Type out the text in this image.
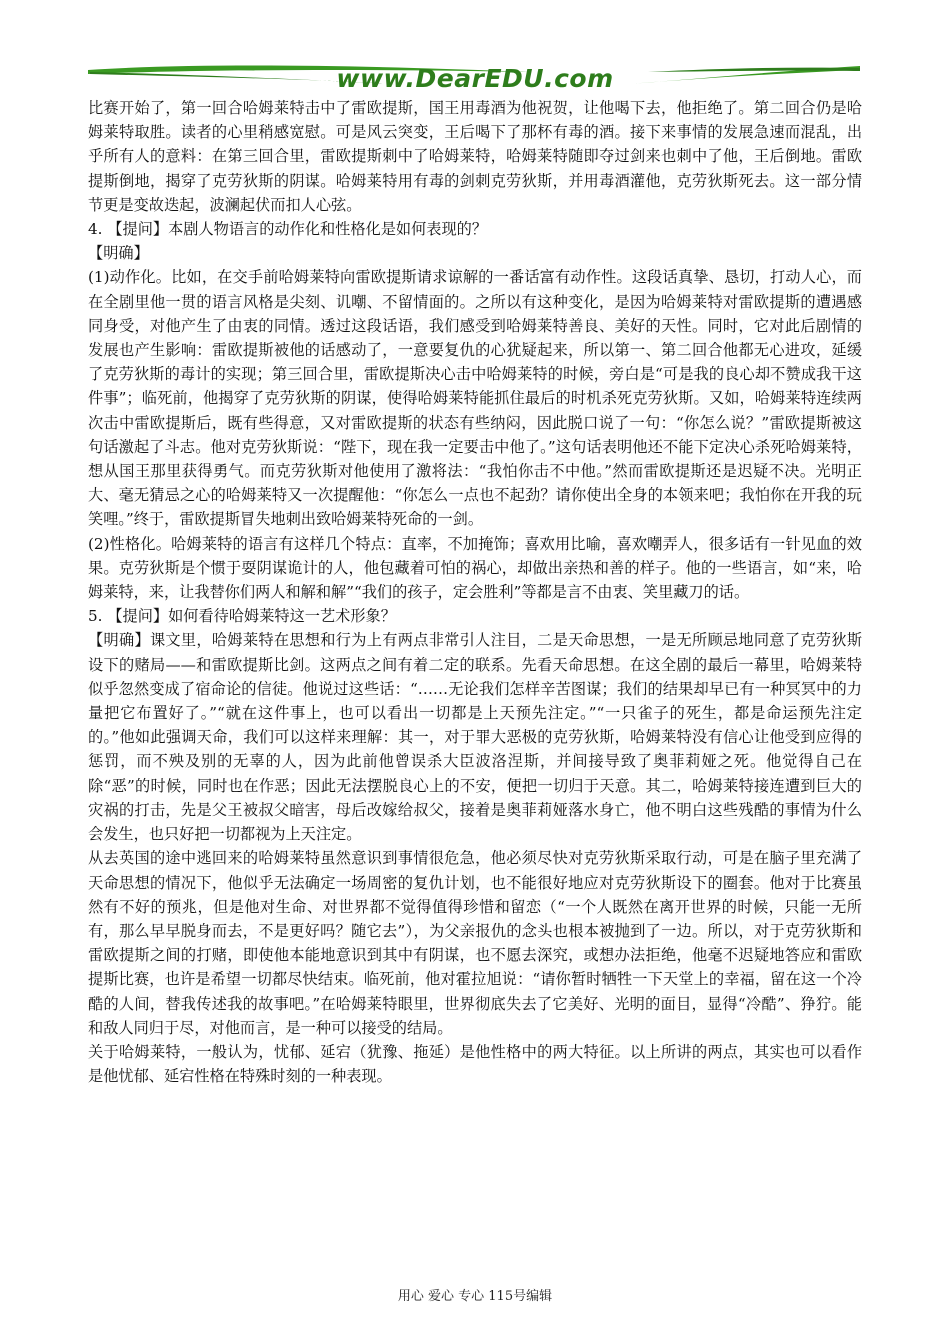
www.DearEDU.com

比赛开始了，第一回合哈姆莱特击中了雷欧提斯，国王用毒酒为他祝贺，让他喝下去，他拒绝了。第二回合仍是哈姆莱特取胜。读者的心里稍感宽慰。可是风云突变，王后喝下了那杯有毒的酒。接下来事情的发展急速而混乱，出乎所有人的意料：在第三回合里，雷欧提斯刺中了哈姆莱特，哈姆莱特随即夺过剑来也刺中了他，王后倒地。雷欧提斯倒地，揭穿了克劳狄斯的阴谋。哈姆莱特用有毒的剑刺克劳狄斯，并用毒酒灌他，克劳狄斯死去。这一部分情节更是变故迭起，波澜起伏而扣人心弦。

4. 【提问】本剧人物语言的动作化和性格化是如何表现的？

【明确】

(1)动作化。比如，在交手前哈姆莱特向雷欧提斯请求谅解的一番话富有动作性。这段话真挚、恳切，打动人心，而在全剧里他一贯的语言风格是尖刻、讥嘲、不留情面的。之所以有这种变化，是因为哈姆莱特对雷欧提斯的遭遇感同身受，对他产生了由衷的同情。透过这段话语，我们感受到哈姆莱特善良、美好的天性。同时，它对此后剧情的发展也产生影响：雷欧提斯被他的话感动了，一意要复仇的心犹疑起来，所以第一、第二回合他都无心进攻，延缓了克劳狄斯的毒计的实现；第三回合里，雷欧提斯决心击中哈姆莱特的时候，旁白是“可是我的良心却不赞成我干这件事”；临死前，他揭穿了克劳狄斯的阴谋，使得哈姆莱特能抓住最后的时机杀死克劳狄斯。又如，哈姆莱特连续两次击中雷欧提斯后，既有些得意，又对雷欧提斯的状态有些纳闷，因此脱口说了一句：“你怎么说？”雷欧提斯被这句话激起了斗志。他对克劳狄斯说：“陛下，现在我一定要击中他了。”这句话表明他还不能下定决心杀死哈姆莱特，想从国王那里获得勇气。而克劳狄斯对他使用了激将法：“我怕你击不中他。”然而雷欧提斯还是迟疑不决。光明正大、毫无猜忌之心的哈姆莱特又一次提醒他：“你怎么一点也不起劲？请你使出全身的本领来吧；我怕你在开我的玩笑哩。”终于，雷欧提斯冒失地刺出致哈姆莱特死命的一剑。

(2)性格化。哈姆莱特的语言有这样几个特点：直率，不加掩饰；喜欢用比喻，喜欢嘲弄人，很多话有一针见血的效果。克劳狄斯是个惯于耍阴谋诡计的人，他包藏着可怕的祸心，却做出亲热和善的样子。他的一些语言，如“来，哈姆莱特，来，让我替你们两人和解和解”“我们的孩子，定会胜利”等都是言不由衷、笑里藏刀的话。

5. 【提问】如何看待哈姆莱特这一艺术形象？

【明确】课文里，哈姆莱特在思想和行为上有两点非常引人注目，二是天命思想，一是无所顾忌地同意了克劳狄斯设下的赌局——和雷欧提斯比剑。这两点之间有着二定的联系。先看天命思想。在这全剧的最后一幕里，哈姆莱特似乎忽然变成了宿命论的信徒。他说过这些话：“……无论我们怎样辛苦图谋；我们的结果却早已有一种冥冥中的力量把它布置好了。”“就在这件事上，也可以看出一切都是上天预先注定。”“一只雀子的死生，都是命运预先注定的。”他如此强调天命，我们可以这样来理解：其一，对于罪大恶极的克劳狄斯，哈姆莱特没有信心让他受到应得的惩罚，而不殃及别的无辜的人，因为此前他曾误杀大臣波洛涅斯，并间接导致了奥菲莉娅之死。他觉得自己在除“恶”的时候，同时也在作恶；因此无法摆脱良心上的不安，便把一切归于天意。其二，哈姆莱特接连遭到巨大的灾祸的打击，先是父王被叔父暗害，母后改嫁给叔父，接着是奥菲莉娅落水身亡，他不明白这些残酷的事情为什么会发生，也只好把一切都视为上天注定。

从去英国的途中逃回来的哈姆莱特虽然意识到事情很危急，他必须尽快对克劳狄斯采取行动，可是在脑子里充满了天命思想的情况下，他似乎无法确定一场周密的复仇计划，也不能很好地应对克劳狄斯设下的圈套。他对于比赛虽然有不好的预兆，但是他对生命、对世界都不觉得值得珍惜和留恋（“一个人既然在离开世界的时候，只能一无所有，那么早早脱身而去，不是更好吗？随它去”），为父亲报仇的念头也根本被抛到了一边。所以，对于克劳狄斯和雷欧提斯之间的打赌，即使他本能地意识到其中有阴谋，也不愿去深究，或想办法拒绝，他毫不迟疑地答应和雷欧提斯比赛，也许是希望一切都尽快结束。临死前，他对霍拉旭说：“请你暂时牺牲一下天堂上的幸福，留在这一个冷酷的人间，替我传述我的故事吧。”在哈姆莱特眼里，世界彻底失去了它美好、光明的面目，显得“冷酷”、狰狞。能和敌人同归于尽，对他而言，是一种可以接受的结局。

关于哈姆莱特，一般认为，忧郁、延宕（犹豫、拖延）是他性格中的两大特征。以上所讲的两点，其实也可以看作是他忧郁、延宕性格在特殊时刻的一种表现。

用心 爱心 专心 115号编辑
